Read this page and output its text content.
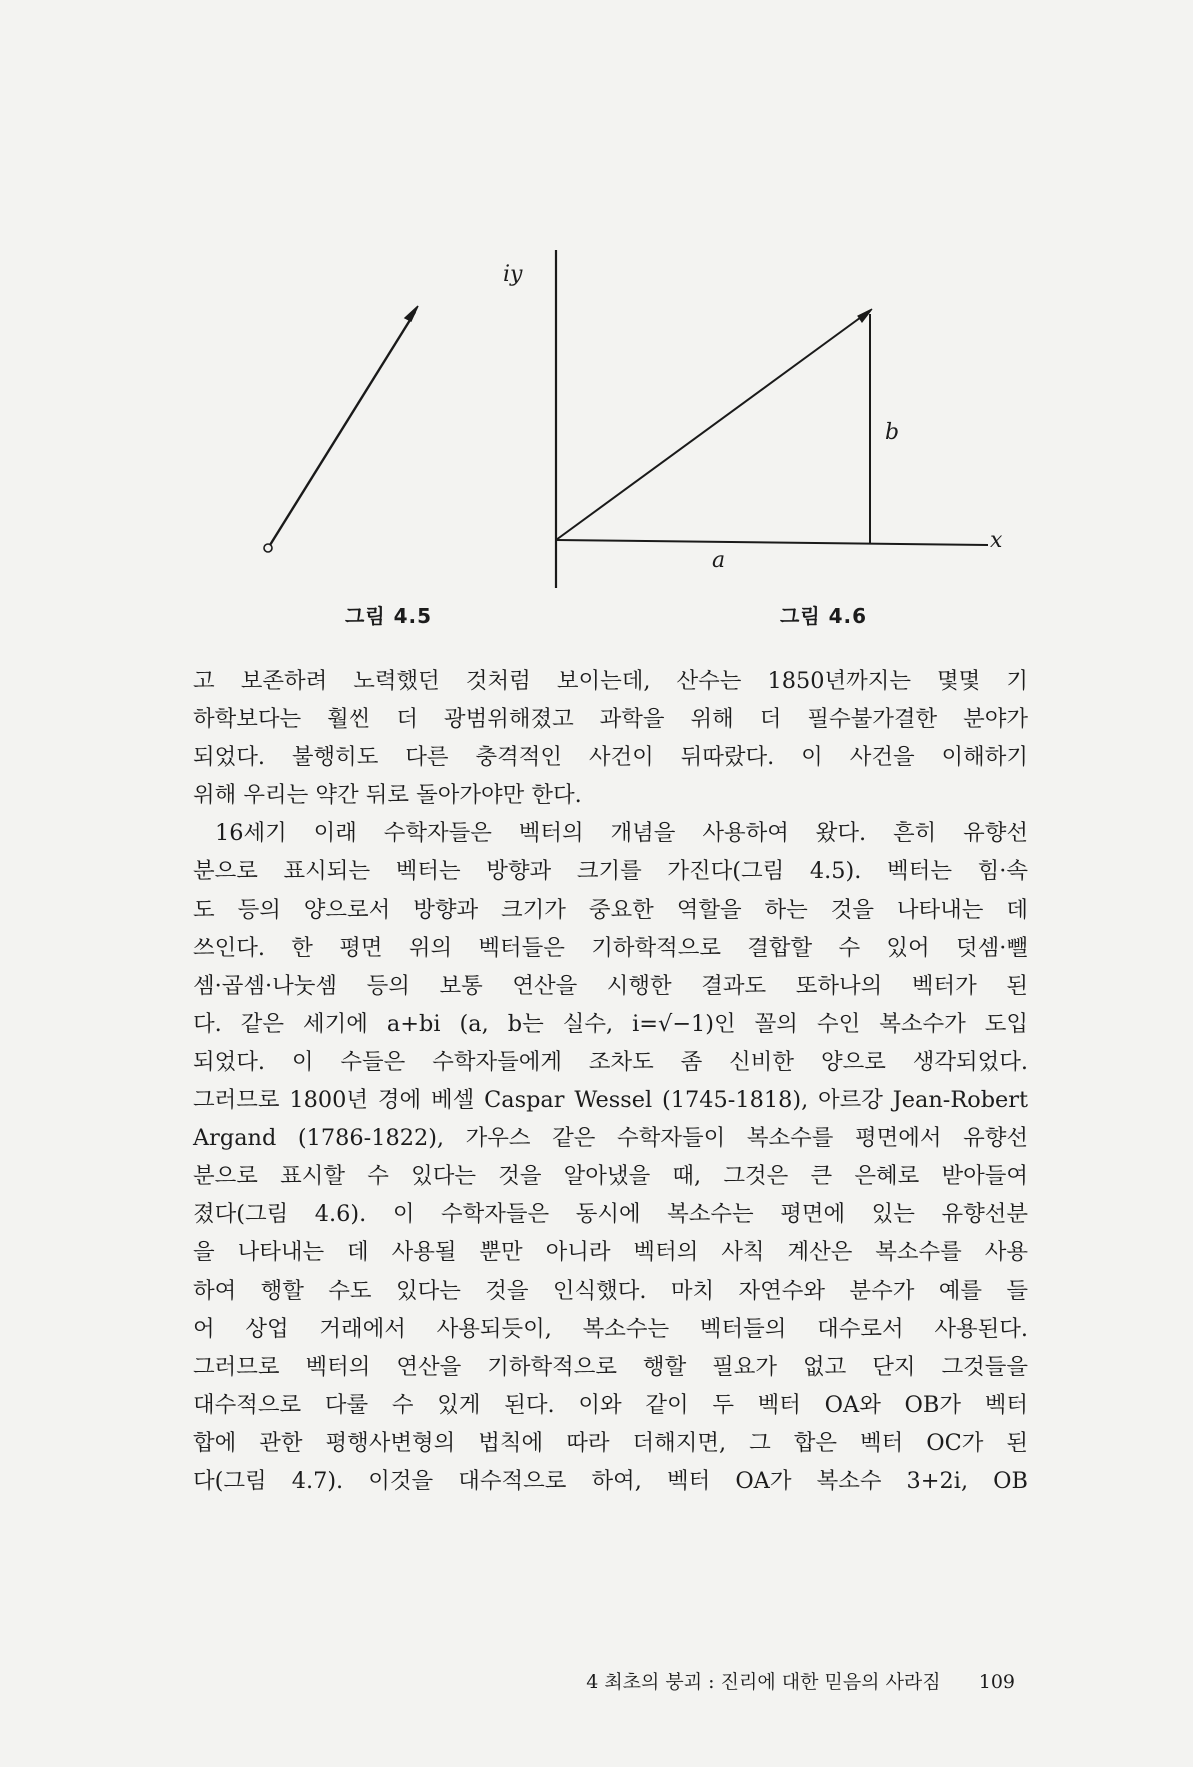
iy
x
a
b
그림 4.5	그림 4.6
고 보존하려 노력했던 것처럼 보이는데, 산수는 1850년까지는 몇몇 기
하학보다는 훨씬 더 광범위해졌고 과학을 위해 더 필수불가결한 분야가
되었다. 불행히도 다른 충격적인 사건이 뒤따랐다. 이 사건을 이해하기
위해 우리는 약간 뒤로 돌아가야만 한다.
16세기 이래 수학자들은 벡터의 개념을 사용하여 왔다. 흔히 유향선
분으로 표시되는 벡터는 방향과 크기를 가진다(그림 4.5). 벡터는 힘·속
도 등의 양으로서 방향과 크기가 중요한 역할을 하는 것을 나타내는 데
쓰인다. 한 평면 위의 벡터들은 기하학적으로 결합할 수 있어 덧셈·뺄
셈·곱셈·나눗셈 등의 보통 연산을 시행한 결과도 또하나의 벡터가 된
다. 같은 세기에 a+bi (a, b는 실수, i=√−1)인 꼴의 수인 복소수가 도입
되었다. 이 수들은 수학자들에게 조차도 좀 신비한 양으로 생각되었다.
그러므로 1800년 경에 베셀 Caspar Wessel (1745-1818), 아르강 Jean-Robert
Argand (1786-1822), 가우스 같은 수학자들이 복소수를 평면에서 유향선
분으로 표시할 수 있다는 것을 알아냈을 때, 그것은 큰 은혜로 받아들여
졌다(그림 4.6). 이 수학자들은 동시에 복소수는 평면에 있는 유향선분
을 나타내는 데 사용될 뿐만 아니라 벡터의 사칙 계산은 복소수를 사용
하여 행할 수도 있다는 것을 인식했다. 마치 자연수와 분수가 예를 들
어 상업 거래에서 사용되듯이, 복소수는 벡터들의 대수로서 사용된다.
그러므로 벡터의 연산을 기하학적으로 행할 필요가 없고 단지 그것들을
대수적으로 다룰 수 있게 된다. 이와 같이 두 벡터 OA와 OB가 벡터
합에 관한 평행사변형의 법칙에 따라 더해지면, 그 합은 벡터 OC가 된
다(그림 4.7). 이것을 대수적으로 하여, 벡터 OA가 복소수 3+2i, OB
4 최초의 붕괴 : 진리에 대한 믿음의 사라짐 109
